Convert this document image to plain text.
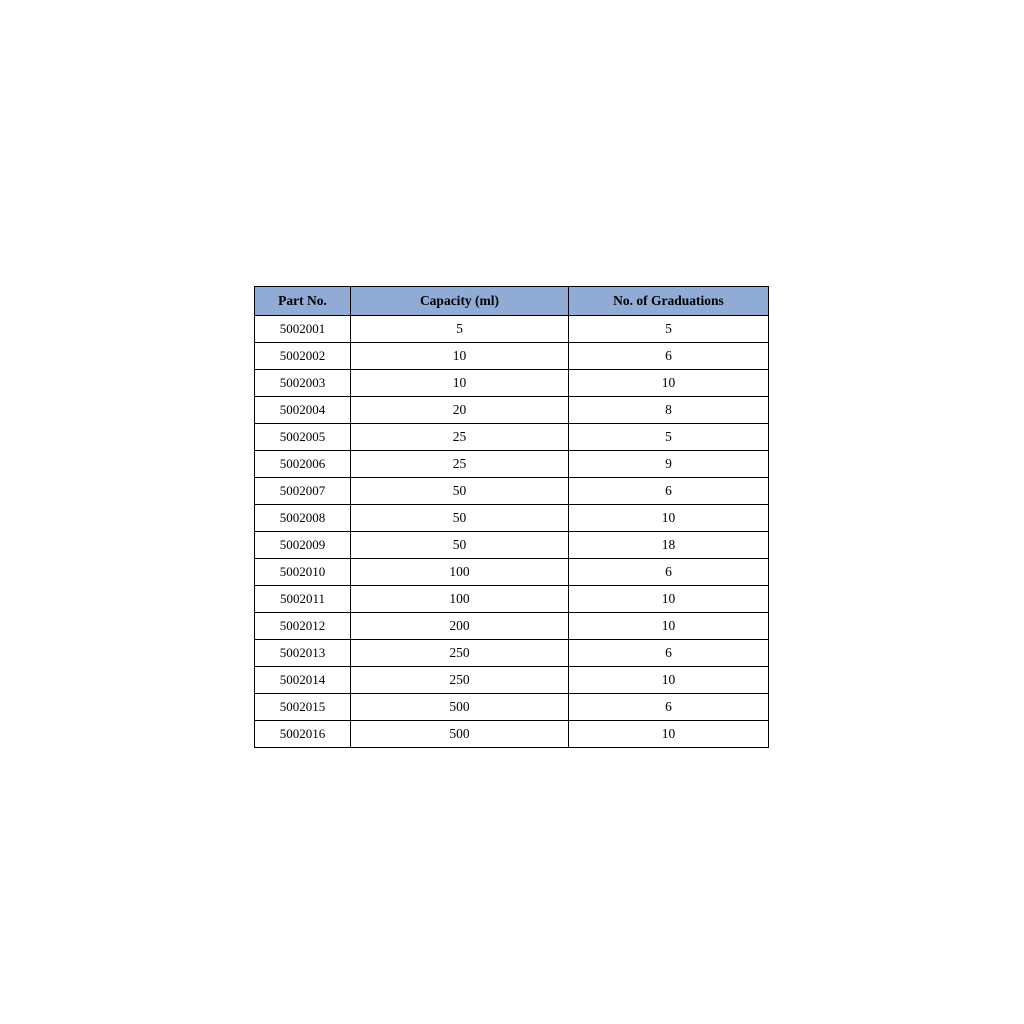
Part No.	Capacity (ml)	No. of Graduations
5002001	5	5
5002002	10	6
5002003	10	10
5002004	20	8
5002005	25	5
5002006	25	9
5002007	50	6
5002008	50	10
5002009	50	18
5002010	100	6
5002011	100	10
5002012	200	10
5002013	250	6
5002014	250	10
5002015	500	6
5002016	500	10
